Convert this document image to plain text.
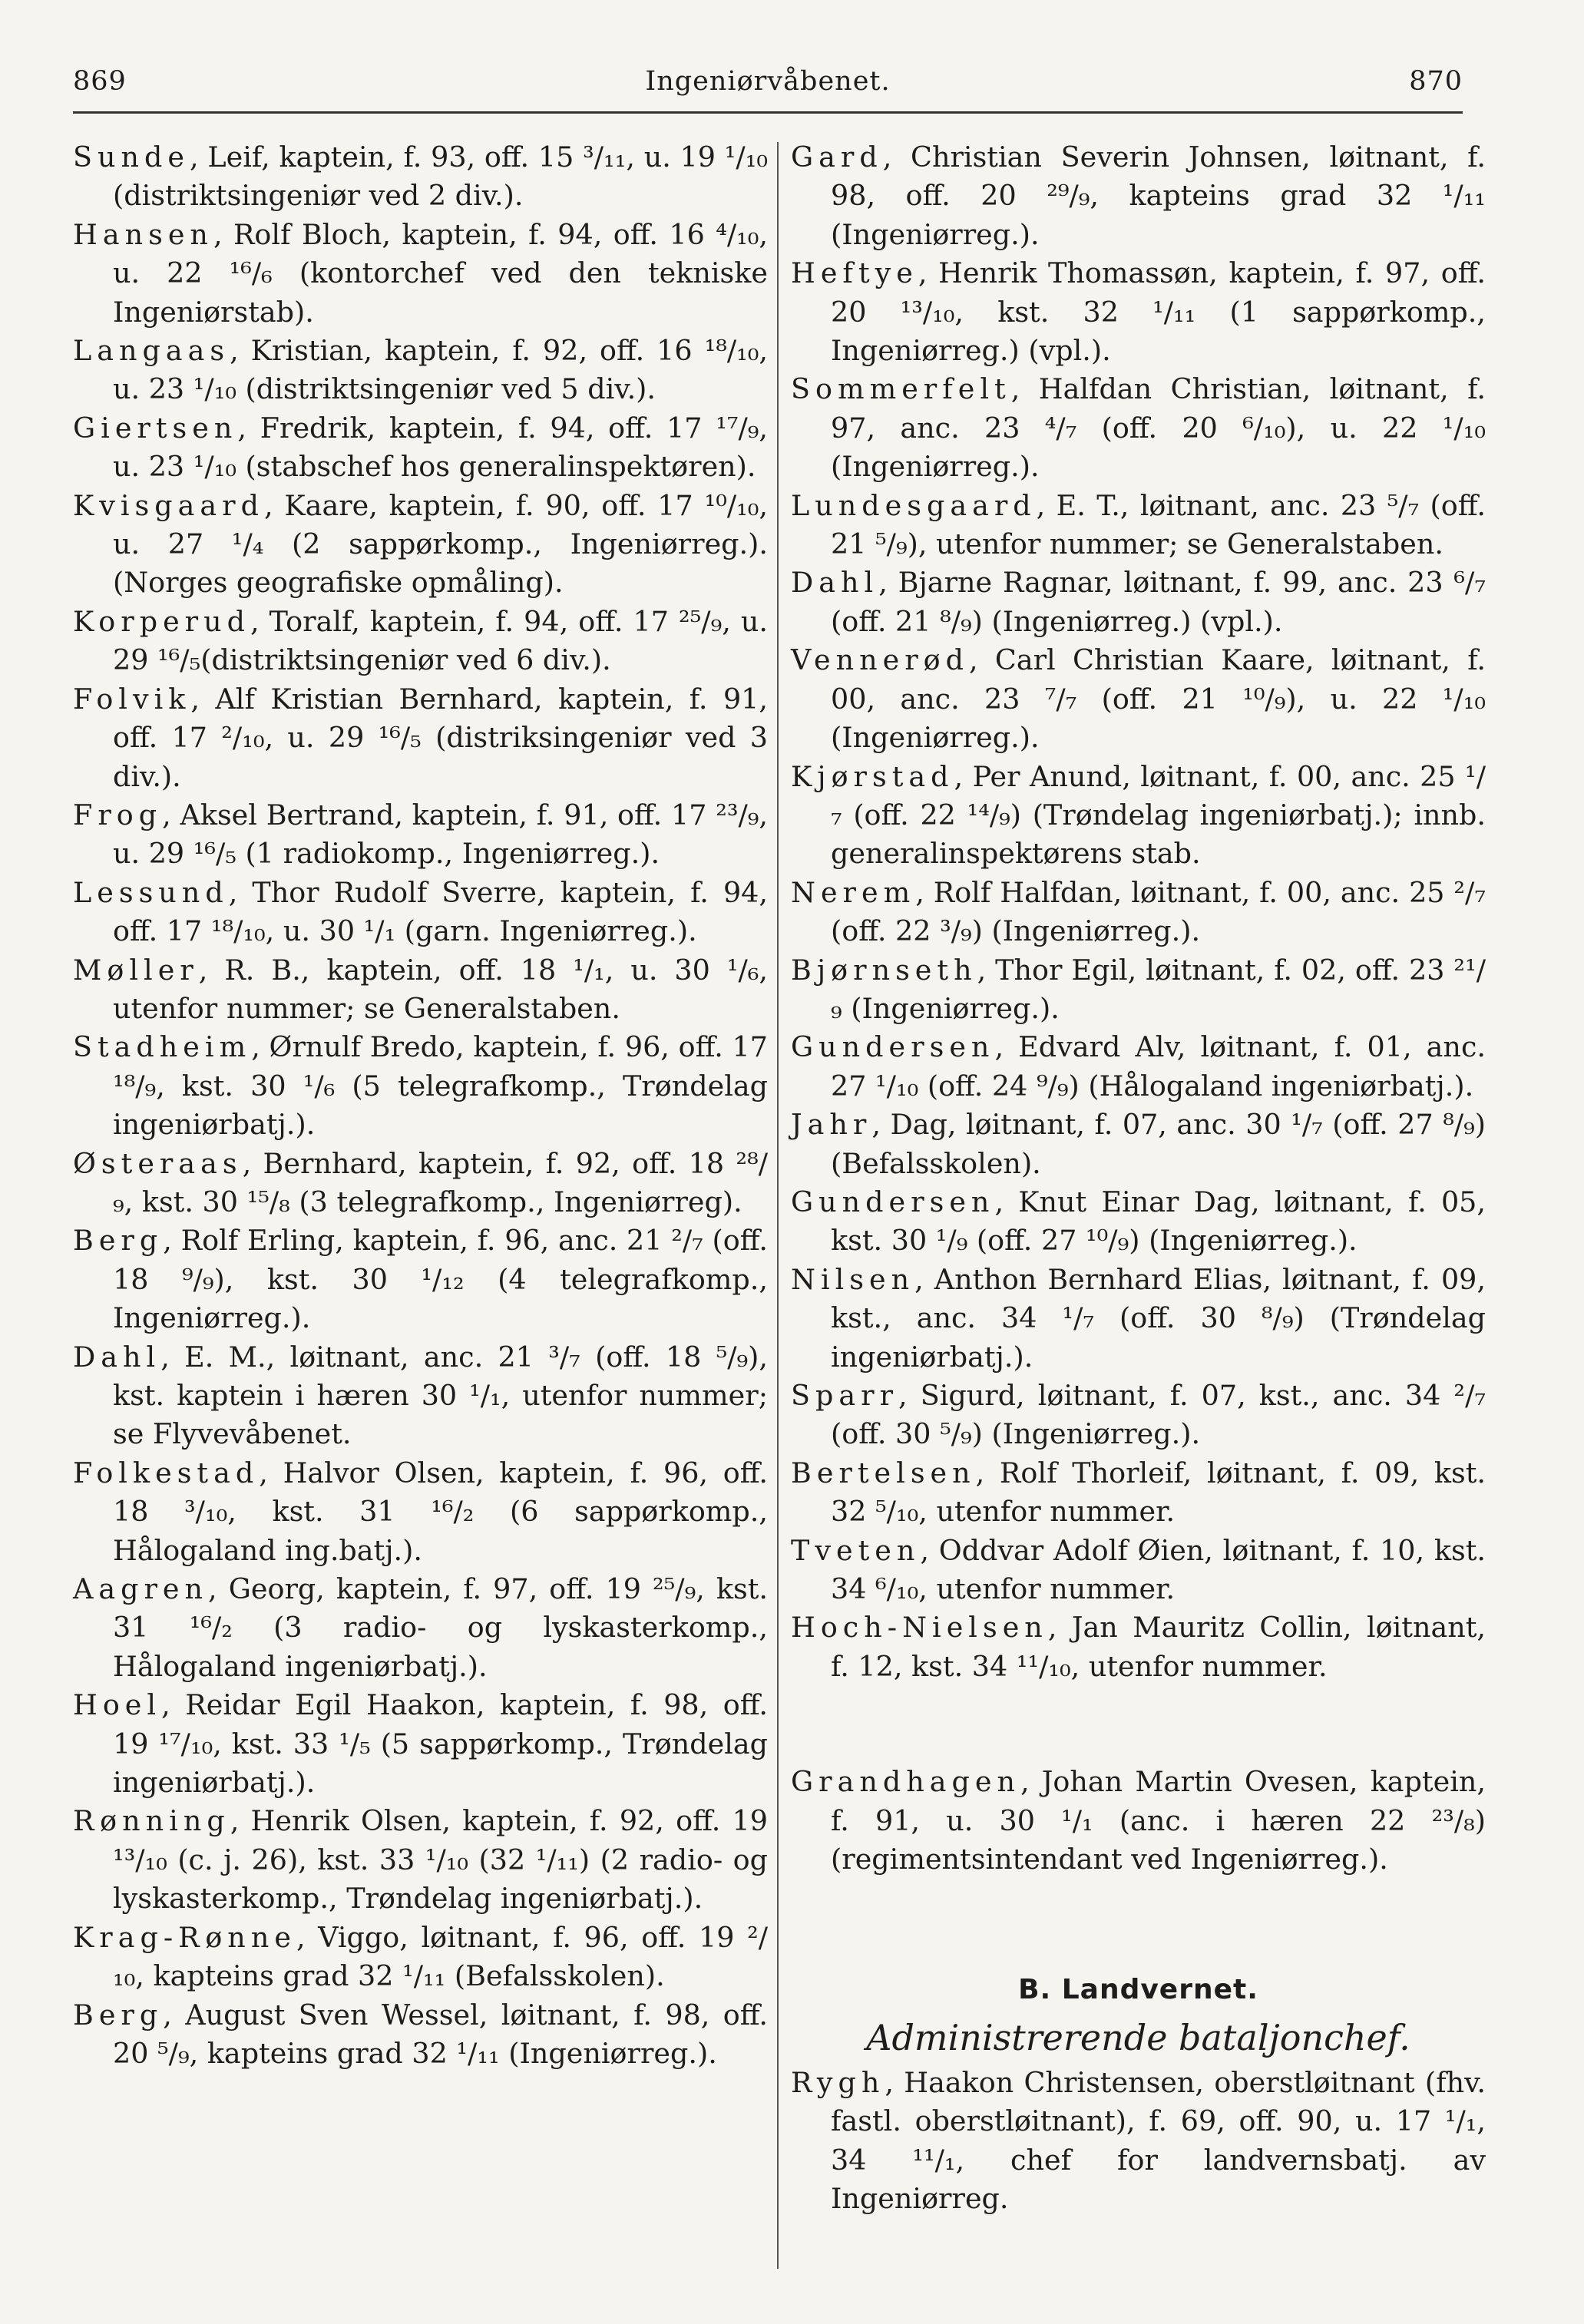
869	Ingeniørvåbenet.	870
Sunde, Leif, kaptein, f. 93, off. 15 ³/₁₁, u. 19 ¹/₁₀ (distriktsingeniør ved 2 div.).
Hansen, Rolf Bloch, kaptein, f. 94, off. 16 ⁴/₁₀, u. 22 ¹⁶/₆ (kontorchef ved den tekniske Ingeniørstab).
Langaas, Kristian, kaptein, f. 92, off. 16 ¹⁸/₁₀, u. 23 ¹/₁₀ (distriktsingeniør ved 5 div.).
Giertsen, Fredrik, kaptein, f. 94, off. 17 ¹⁷/₉, u. 23 ¹/₁₀ (stabschef hos generalinspektøren).
Kvisgaard, Kaare, kaptein, f. 90, off. 17 ¹⁰/₁₀, u. 27 ¹/₄ (2 sappørkomp., Ingeniørreg.). (Norges geografiske opmåling).
Korperud, Toralf, kaptein, f. 94, off. 17 ²⁵/₉, u. 29 ¹⁶/₅(distriktsingeniør ved 6 div.).
Folvik, Alf Kristian Bernhard, kaptein, f. 91, off. 17 ²/₁₀, u. 29 ¹⁶/₅ (distriksingeniør ved 3 div.).
Frog, Aksel Bertrand, kaptein, f. 91, off. 17 ²³/₉, u. 29 ¹⁶/₅ (1 radiokomp., Ingeniørreg.).
Lessund, Thor Rudolf Sverre, kaptein, f. 94, off. 17 ¹⁸/₁₀, u. 30 ¹/₁ (garn. Ingeniørreg.).
Møller, R. B., kaptein, off. 18 ¹/₁, u. 30 ¹/₆, utenfor nummer; se Generalstaben.
Stadheim, Ørnulf Bredo, kaptein, f. 96, off. 17 ¹⁸/₉, kst. 30 ¹/₆ (5 telegrafkomp., Trøndelag ingeniørbatj.).
Østeraas, Bernhard, kaptein, f. 92, off. 18 ²⁸/₉, kst. 30 ¹⁵/₈ (3 telegrafkomp., Ingeniørreg).
Berg, Rolf Erling, kaptein, f. 96, anc. 21 ²/₇ (off. 18 ⁹/₉), kst. 30 ¹/₁₂ (4 telegrafkomp., Ingeniørreg.).
Dahl, E. M., løitnant, anc. 21 ³/₇ (off. 18 ⁵/₉), kst. kaptein i hæren 30 ¹/₁, utenfor nummer; se Flyvevåbenet.
Folkestad, Halvor Olsen, kaptein, f. 96, off. 18 ³/₁₀, kst. 31 ¹⁶/₂ (6 sappørkomp., Hålogaland ing.batj.).
Aagren, Georg, kaptein, f. 97, off. 19 ²⁵/₉, kst. 31 ¹⁶/₂ (3 radio- og lyskasterkomp., Hålogaland ingeniørbatj.).
Hoel, Reidar Egil Haakon, kaptein, f. 98, off. 19 ¹⁷/₁₀, kst. 33 ¹/₅ (5 sappørkomp., Trøndelag ingeniørbatj.).
Rønning, Henrik Olsen, kaptein, f. 92, off. 19 ¹³/₁₀ (c. j. 26), kst. 33 ¹/₁₀ (32 ¹/₁₁) (2 radio- og lyskasterkomp., Trøndelag ingeniørbatj.).
Krag-Rønne, Viggo, løitnant, f. 96, off. 19 ²/₁₀, kapteins grad 32 ¹/₁₁ (Befalsskolen).
Berg, August Sven Wessel, løitnant, f. 98, off. 20 ⁵/₉, kapteins grad 32 ¹/₁₁ (Ingeniørreg.).
Gard, Christian Severin Johnsen, løitnant, f. 98, off. 20 ²⁹/₉, kapteins grad 32 ¹/₁₁ (Ingeniørreg.).
Heftye, Henrik Thomassøn, kaptein, f. 97, off. 20 ¹³/₁₀, kst. 32 ¹/₁₁ (1 sappørkomp., Ingeniørreg.) (vpl.).
Sommerfelt, Halfdan Christian, løitnant, f. 97, anc. 23 ⁴/₇ (off. 20 ⁶/₁₀), u. 22 ¹/₁₀ (Ingeniørreg.).
Lundesgaard, E. T., løitnant, anc. 23 ⁵/₇ (off. 21 ⁵/₉), utenfor nummer; se Generalstaben.
Dahl, Bjarne Ragnar, løitnant, f. 99, anc. 23 ⁶/₇ (off. 21 ⁸/₉) (Ingeniørreg.) (vpl.).
Vennerød, Carl Christian Kaare, løitnant, f. 00, anc. 23 ⁷/₇ (off. 21 ¹⁰/₉), u. 22 ¹/₁₀ (Ingeniørreg.).
Kjørstad, Per Anund, løitnant, f. 00, anc. 25 ¹/₇ (off. 22 ¹⁴/₉) (Trøndelag ingeniørbatj.); innb. generalinspektørens stab.
Nerem, Rolf Halfdan, løitnant, f. 00, anc. 25 ²/₇ (off. 22 ³/₉) (Ingeniørreg.).
Bjørnseth, Thor Egil, løitnant, f. 02, off. 23 ²¹/₉ (Ingeniørreg.).
Gundersen, Edvard Alv, løitnant, f. 01, anc. 27 ¹/₁₀ (off. 24 ⁹/₉) (Hålogaland ingeniørbatj.).
Jahr, Dag, løitnant, f. 07, anc. 30 ¹/₇ (off. 27 ⁸/₉) (Befalsskolen).
Gundersen, Knut Einar Dag, løitnant, f. 05, kst. 30 ¹/₉ (off. 27 ¹⁰/₉) (Ingeniørreg.).
Nilsen, Anthon Bernhard Elias, løitnant, f. 09, kst., anc. 34 ¹/₇ (off. 30 ⁸/₉) (Trøndelag ingeniørbatj.).
Sparr, Sigurd, løitnant, f. 07, kst., anc. 34 ²/₇ (off. 30 ⁵/₉) (Ingeniørreg.).
Bertelsen, Rolf Thorleif, løitnant, f. 09, kst. 32 ⁵/₁₀, utenfor nummer.
Tveten, Oddvar Adolf Øien, løitnant, f. 10, kst. 34 ⁶/₁₀, utenfor nummer.
Hoch-Nielsen, Jan Mauritz Collin, løitnant, f. 12, kst. 34 ¹¹/₁₀, utenfor nummer.
Grandhagen, Johan Martin Ovesen, kaptein, f. 91, u. 30 ¹/₁ (anc. i hæren 22 ²³/₈) (regimentsintendant ved Ingeniørreg.).
B. Landvernet.
Administrerende bataljonchef.
Rygh, Haakon Christensen, oberstløitnant (fhv. fastl. oberstløitnant), f. 69, off. 90, u. 17 ¹/₁, 34 ¹¹/₁, chef for landvernsbatj. av Ingeniørreg.
